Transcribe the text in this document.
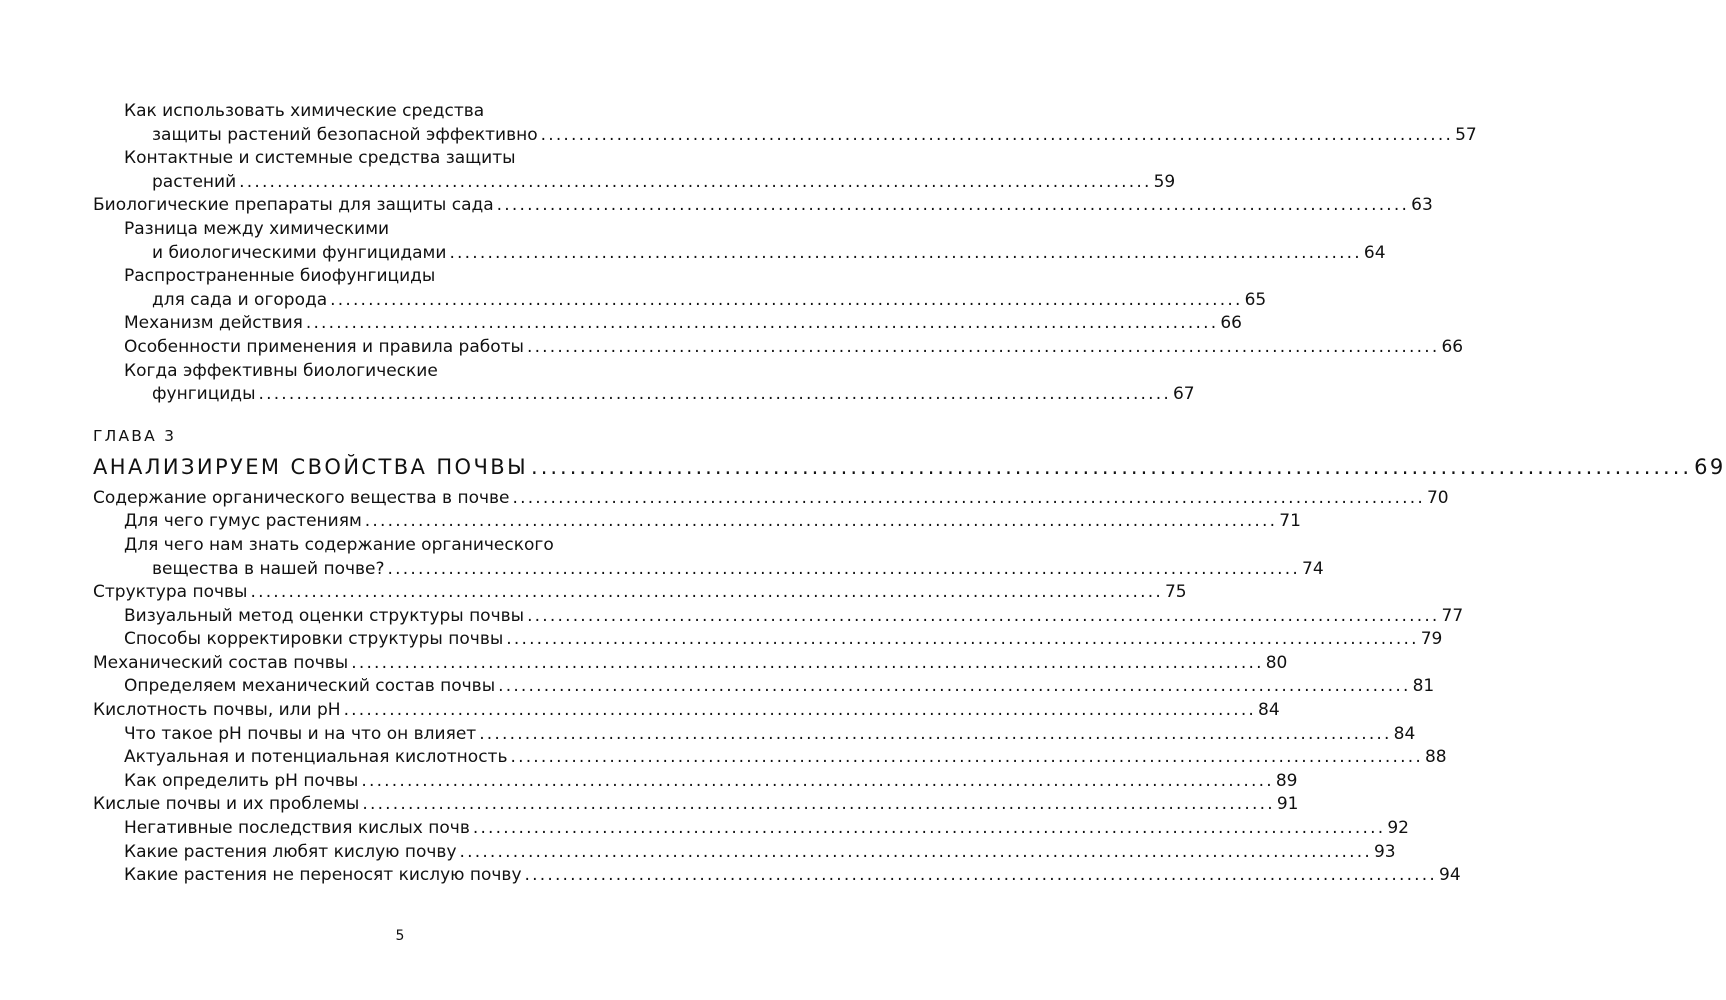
Как использовать химические средства
защиты растений безопасной эффективно ........................................................................................................................ 57
Контактные и системные средства защиты
растений ........................................................................................................................ 59
Биологические препараты для защиты сада ........................................................................................................................ 63
Разница между химическими
и биологическими фунгицидами ........................................................................................................................ 64
Распространенные биофунгициды
для сада и огорода ........................................................................................................................ 65
Механизм действия ........................................................................................................................ 66
Особенности применения и правила работы ........................................................................................................................ 66
Когда эффективны биологические
фунгициды ........................................................................................................................ 67
ГЛАВА 3
АНАЛИЗИРУЕМ СВОЙСТВА ПОЧВЫ ........................................................................................................................ 69
Содержание органического вещества в почве ........................................................................................................................ 70
Для чего гумус растениям ........................................................................................................................ 71
Для чего нам знать содержание органического
вещества в нашей почве? ........................................................................................................................ 74
Структура почвы ........................................................................................................................ 75
Визуальный метод оценки структуры почвы ........................................................................................................................ 77
Способы корректировки структуры почвы ........................................................................................................................ 79
Механический состав почвы ........................................................................................................................ 80
Определяем механический состав почвы ........................................................................................................................ 81
Кислотность почвы, или pH ........................................................................................................................ 84
Что такое pH почвы и на что он влияет ........................................................................................................................ 84
Актуальная и потенциальная кислотность ........................................................................................................................ 88
Как определить pH почвы ........................................................................................................................ 89
Кислые почвы и их проблемы ........................................................................................................................ 91
Негативные последствия кислых почв ........................................................................................................................ 92
Какие растения любят кислую почву ........................................................................................................................ 93
Какие растения не переносят кислую почву ........................................................................................................................ 94
5
